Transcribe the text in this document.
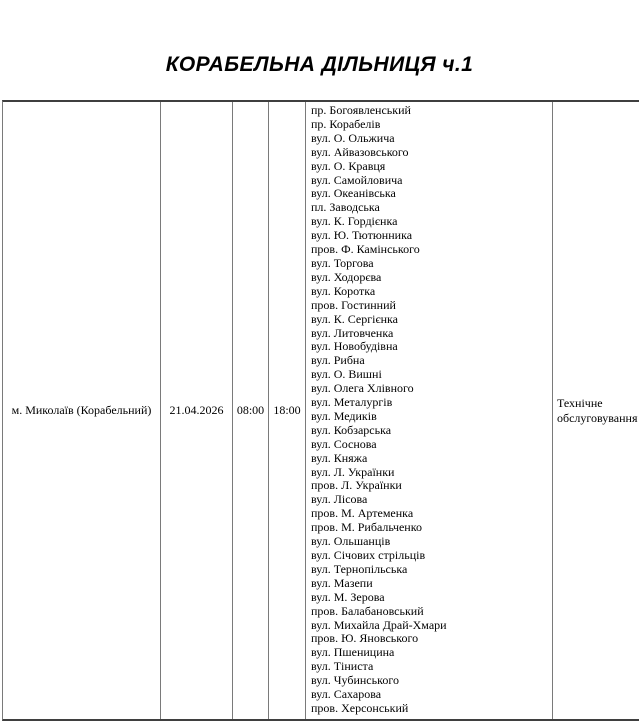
КОРАБЕЛЬНА ДІЛЬНИЦЯ ч.1
м. Миколаїв (Корабельний) 21.04.2026 08:00 18:00
пр. Богоявленський
пр. Корабелів
вул. О. Ольжича
вул. Айвазовського
вул. О. Кравця
вул. Самойловича
вул. Океанівська
пл. Заводська
вул. К. Гордієнка
вул. Ю. Тютюнника
пров. Ф. Камінського
вул. Торгова
вул. Ходорєва
вул. Коротка
пров. Гостинний
вул. К. Сергієнка
вул. Литовченка
вул. Новобудівна
вул. Рибна
вул. О. Вишні
вул. Олега Хлівного
вул. Металургів
вул. Медиків
вул. Кобзарська
вул. Соснова
вул. Княжа
вул. Л. Українки
пров. Л. Українки
вул. Лісова
пров. М. Артеменка
пров. М. Рибальченко
вул. Ольшанців
вул. Січових стрільців
вул. Тернопільська
вул. Мазепи
вул. М. Зерова
пров. Балабановський
вул. Михайла Драй-Хмари
пров. Ю. Яновського
вул. Пшеницина
вул. Тіниста
вул. Чубинського
вул. Сахарова
пров. Херсонський
Технічне обслуговування
